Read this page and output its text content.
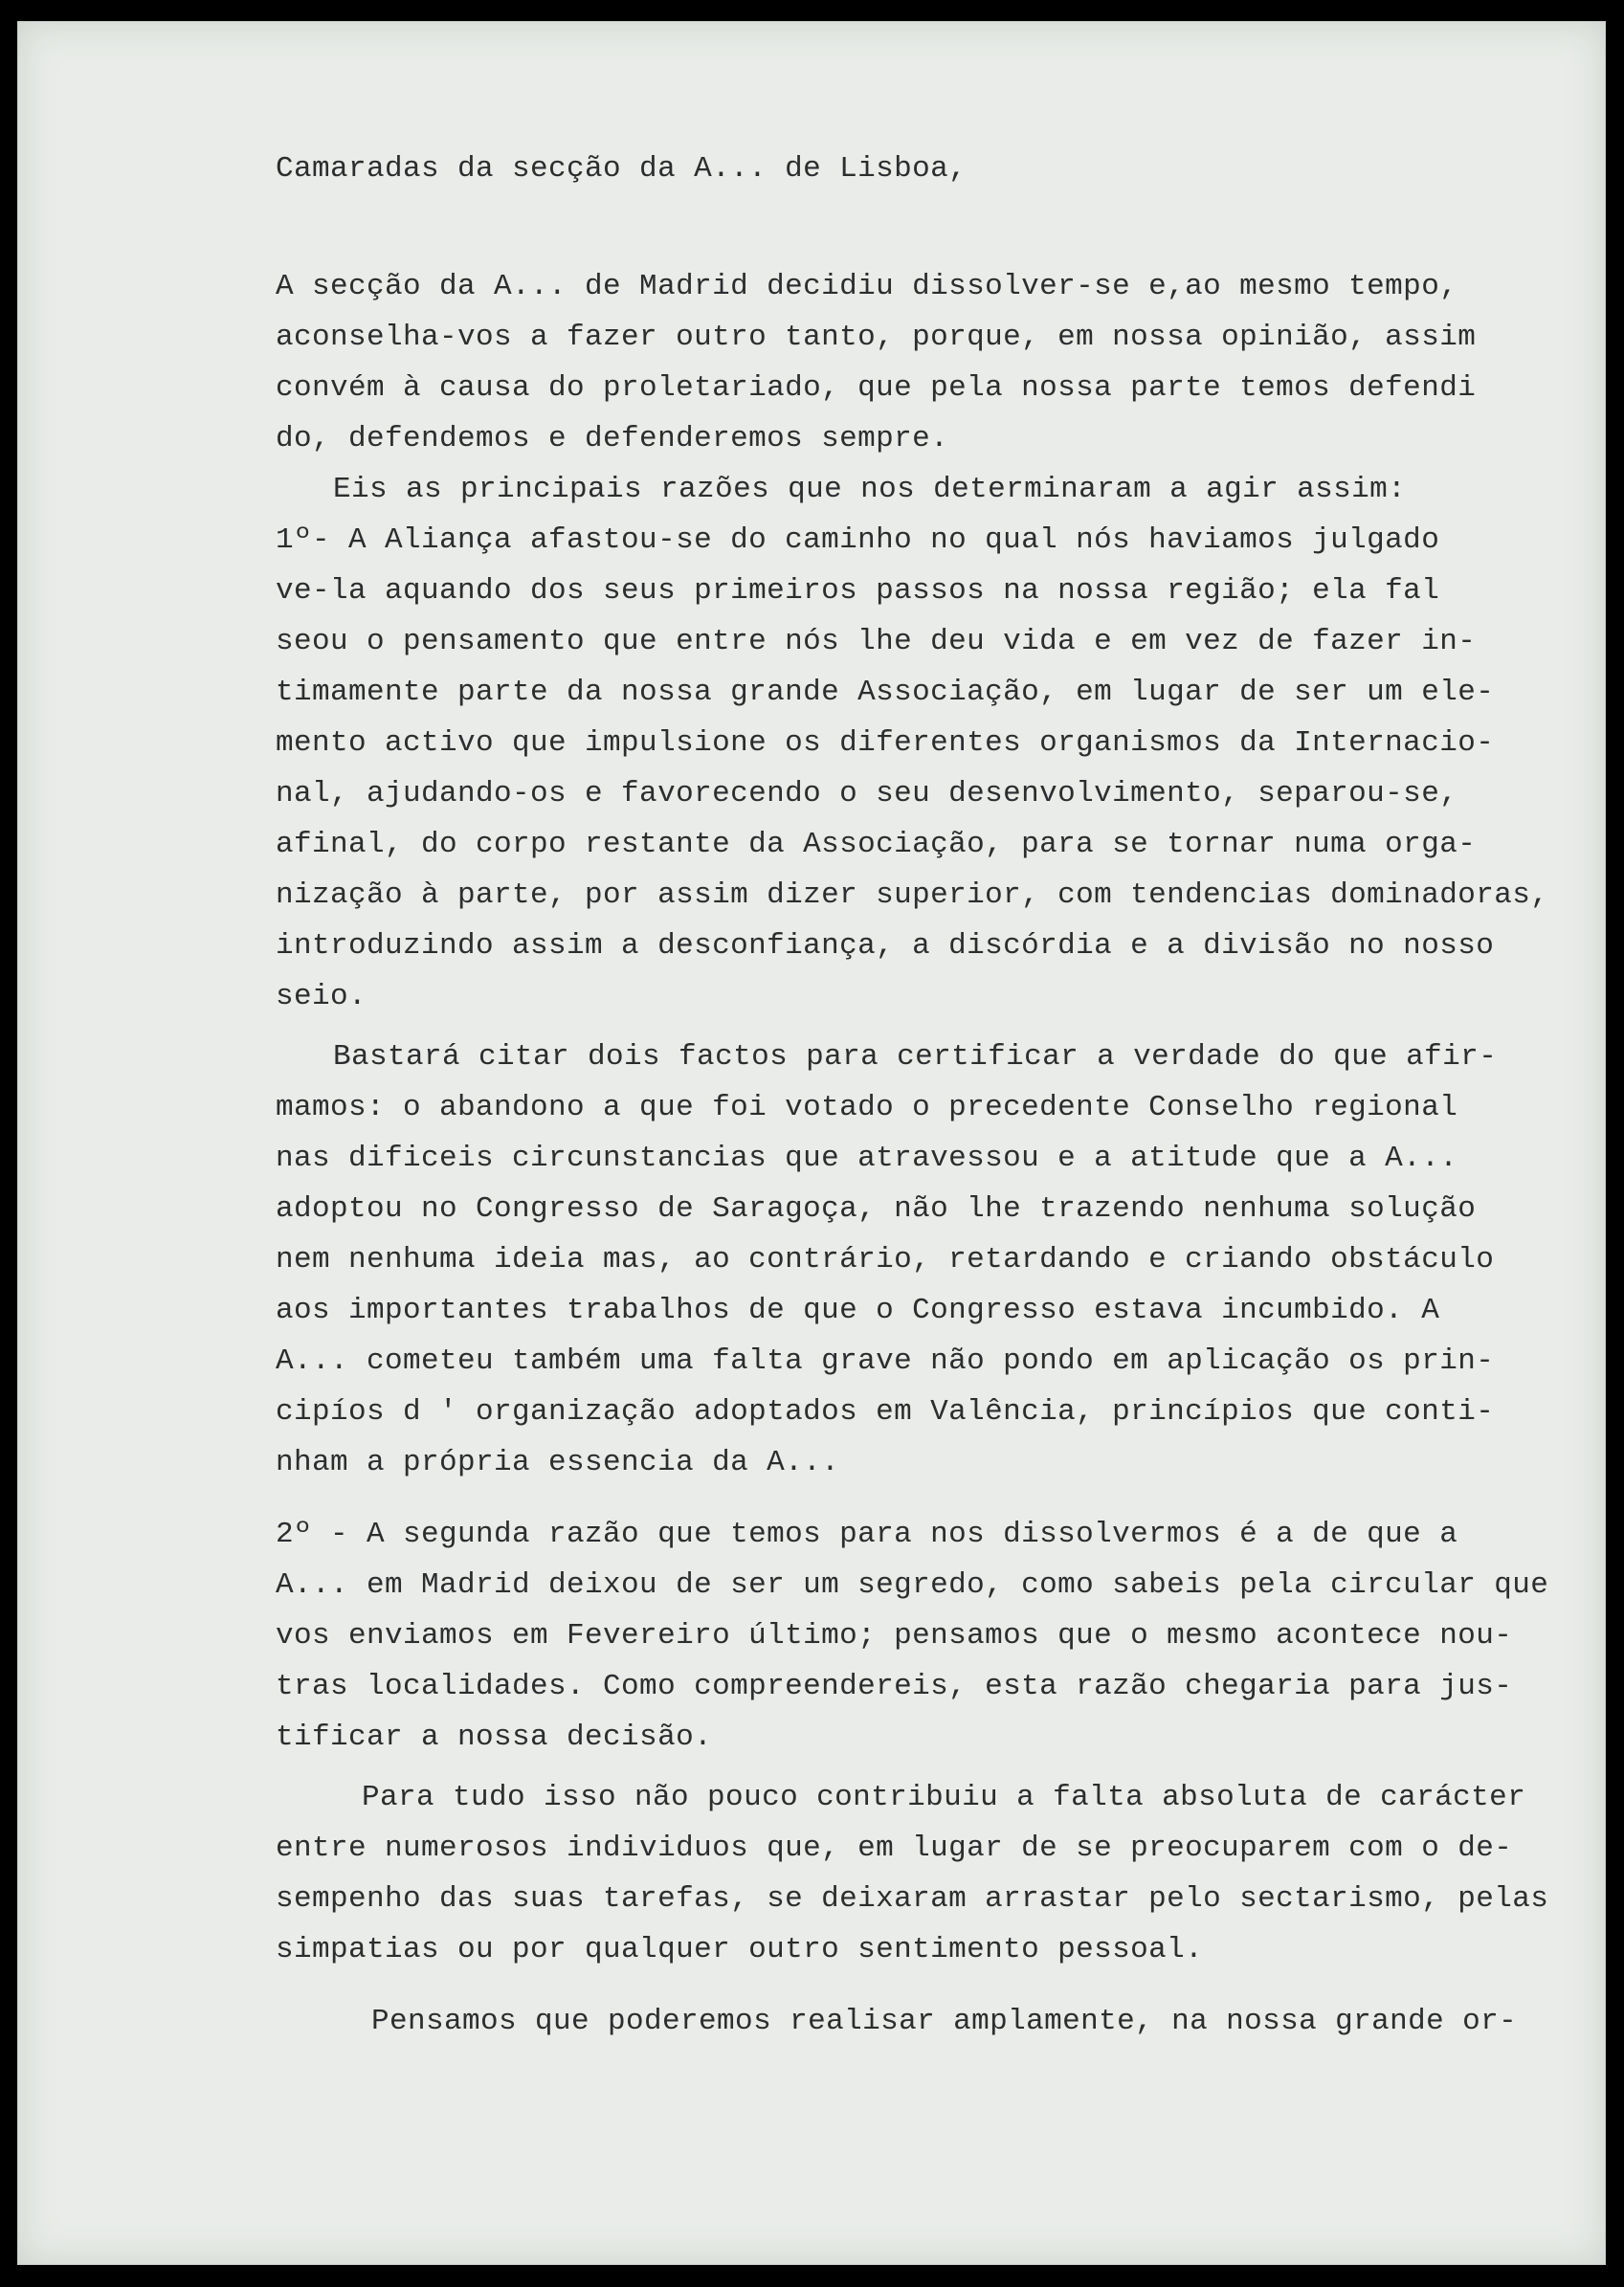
Camaradas da secção da A... de Lisboa,
A secção da A... de Madrid decidiu dissolver-se e,ao mesmo tempo,
aconselha-vos a fazer outro tanto, porque, em nossa opinião, assim
convém à causa do proletariado, que pela nossa parte temos defendi
do, defendemos e defenderemos sempre.
Eis as principais razões que nos determinaram a agir assim:
1º- A Aliança afastou-se do caminho no qual nós haviamos julgado
ve-la aquando dos seus primeiros passos na nossa região; ela fal
seou o pensamento que entre nós lhe deu vida e em vez de fazer in-
timamente parte da nossa grande Associação, em lugar de ser um ele-
mento activo que impulsione os diferentes organismos da Internacio-
nal, ajudando-os e favorecendo o seu desenvolvimento, separou-se,
afinal, do corpo restante da Associação, para se tornar numa orga-
nização à parte, por assim dizer superior, com tendencias dominadoras,
introduzindo assim a desconfiança, a discórdia e a divisão no nosso
seio.
Bastará citar dois factos para certificar a verdade do que afir-
mamos: o abandono a que foi votado o precedente Conselho regional
nas dificeis circunstancias que atravessou e a atitude que a A...
adoptou no Congresso de Saragoça, não lhe trazendo nenhuma solução
nem nenhuma ideia mas, ao contrário, retardando e criando obstáculo
aos importantes trabalhos de que o Congresso estava incumbido. A
A... cometeu também uma falta grave não pondo em aplicação os prin-
cipíos d ' organização adoptados em Valência, princípios que conti-
nham a própria essencia da A...
2º - A segunda razão que temos para nos dissolvermos é a de que a
A... em Madrid deixou de ser um segredo, como sabeis pela circular que
vos enviamos em Fevereiro último; pensamos que o mesmo acontece nou-
tras localidades. Como compreendereis, esta razão chegaria para jus-
tificar a nossa decisão.
Para tudo isso não pouco contribuiu a falta absoluta de carácter
entre numerosos individuos que, em lugar de se preocuparem com o de-
sempenho das suas tarefas, se deixaram arrastar pelo sectarismo, pelas
simpatias ou por qualquer outro sentimento pessoal.
Pensamos que poderemos realisar amplamente, na nossa grande or-
